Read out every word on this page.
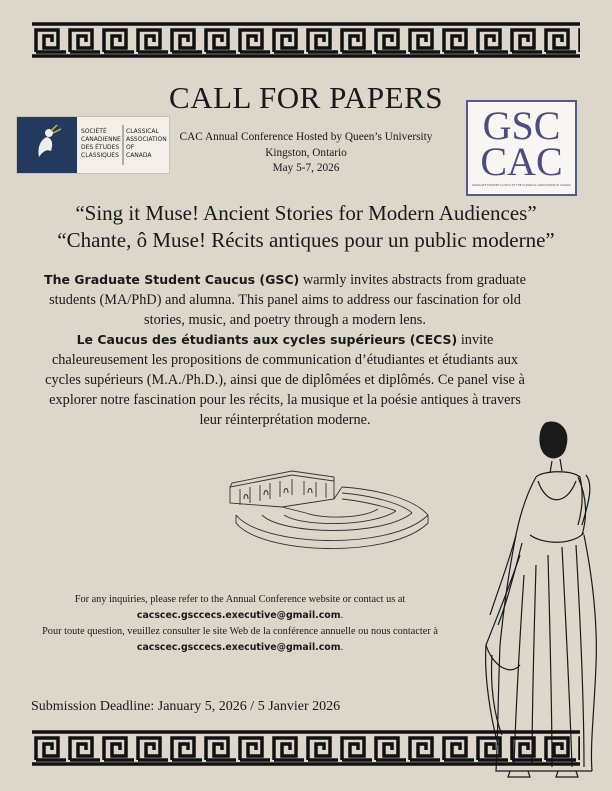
CALL FOR PAPERS
SOCIÉTÉ
CANADIENNE
DES ÉTUDES
CLASSIQUES
CLASSICAL
ASSOCIATION
OF
CANADA
GSC
CAC
GRADUATE STUDENT CAUCUS OF THE CLASSICAL ASSOCIATION OF CANADA
CAC Annual Conference Hosted by Queen’s University
Kingston, Ontario
May 5-7, 2026
“Sing it Muse! Ancient Stories for Modern Audiences”
“Chante, ô Muse! Récits antiques pour un public moderne”
The Graduate Student Caucus (GSC) warmly invites abstracts from graduate students (MA/PhD) and alumna. This panel aims to address our fascination for old stories, music, and poetry through a modern lens.
Le Caucus des étudiants aux cycles supérieurs (CECS) invite chaleureusement les propositions de communication d’étudiantes et étudiants aux cycles supérieurs (M.A./Ph.D.), ainsi que de diplômées et diplômés. Ce panel vise à explorer notre fascination pour les récits, la musique et la poésie antiques à travers leur réinterprétation moderne.
For any inquiries, please refer to the Annual Conference website or contact us at
cacscec.gsccecs.executive@gmail.com.
Pour toute question, veuillez consulter le site Web de la conférence annuelle ou nous contacter à cacscec.gsccecs.executive@gmail.com.
Submission Deadline: January 5, 2026 / 5 Janvier 2026
